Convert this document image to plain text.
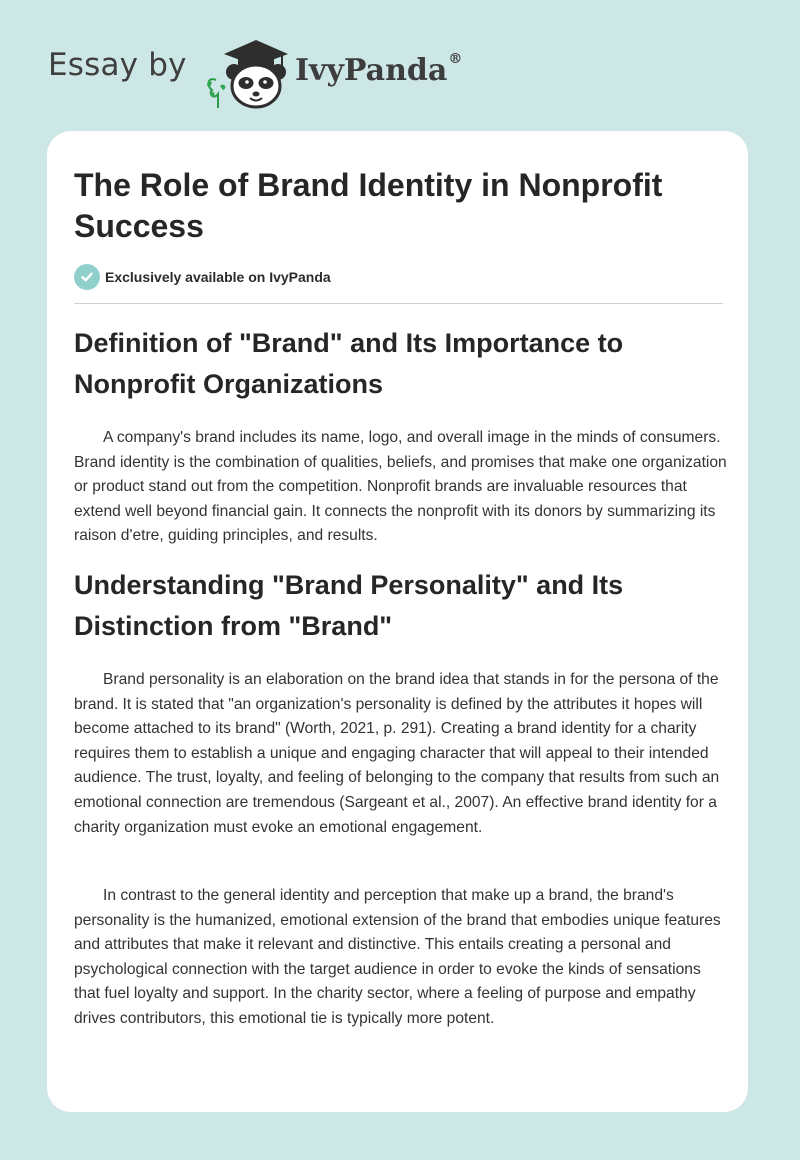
Essay by	IvyPanda®
The Role of Brand Identity in Nonprofit Success
Exclusively available on IvyPanda
Definition of "Brand" and Its Importance to Nonprofit Organizations

A company's brand includes its name, logo, and overall image in the minds of consumers. Brand identity is the combination of qualities, beliefs, and promises that make one organization or product stand out from the competition. Nonprofit brands are invaluable resources that extend well beyond financial gain. It connects the nonprofit with its donors by summarizing its raison d'etre, guiding principles, and results.

Understanding "Brand Personality" and Its Distinction from "Brand"

Brand personality is an elaboration on the brand idea that stands in for the persona of the brand. It is stated that "an organization's personality is defined by the attributes it hopes will become attached to its brand" (Worth, 2021, p. 291). Creating a brand identity for a charity requires them to establish a unique and engaging character that will appeal to their intended audience. The trust, loyalty, and feeling of belonging to the company that results from such an emotional connection are tremendous (Sargeant et al., 2007). An effective brand identity for a charity organization must evoke an emotional engagement.

In contrast to the general identity and perception that make up a brand, the brand's personality is the humanized, emotional extension of the brand that embodies unique features and attributes that make it relevant and distinctive. This entails creating a personal and psychological connection with the target audience in order to evoke the kinds of sensations that fuel loyalty and support. In the charity sector, where a feeling of purpose and empathy drives contributors, this emotional tie is typically more potent.
